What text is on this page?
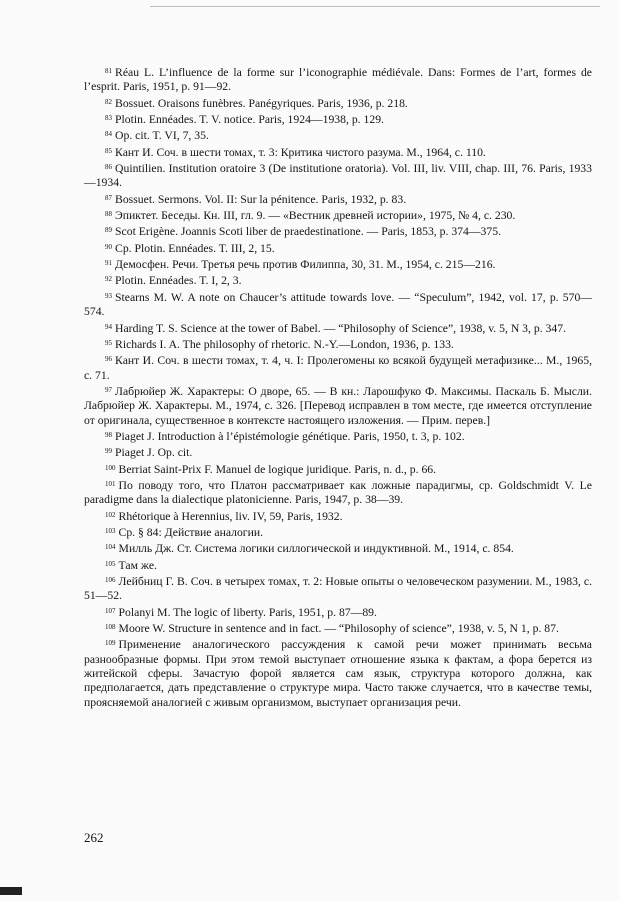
$^{81}$ Réau L. L’influence de la forme sur l’iconographie médiévale. Dans: Formes de l’art, formes de l’esprit. Paris, 1951, p. 91—92.

$^{82}$ Bossuet. Oraisons funèbres. Panégyriques. Paris, 1936, p. 218.

$^{83}$ Plotin. Ennéades. T. V. notice. Paris, 1924—1938, p. 129.

$^{84}$ Op. cit. T. VI, 7, 35.

$^{85}$ Кант И. Соч. в шести томах, т. 3: Критика чистого разума. М., 1964, с. 110.

$^{86}$ Quintilien. Institution oratoire 3 (De institutione oratoria). Vol. III, liv. VIII, chap. III, 76. Paris, 1933—1934.

$^{87}$ Bossuet. Sermons. Vol. II: Sur la pénitence. Paris, 1932, p. 83.

$^{88}$ Эпиктет. Беседы. Кн. III, гл. 9. — «Вестник древней истории», 1975, № 4, с. 230.

$^{89}$ Scot Erigène. Joannis Scoti liber de praedestinatione. — Paris, 1853, p. 374—375.

$^{90}$ Cp. Plotin. Ennéades. T. III, 2, 15.

$^{91}$ Демосфен. Речи. Третья речь против Филиппа, 30, 31. М., 1954, с. 215—216.

$^{92}$ Plotin. Ennéades. T. I, 2, 3.

$^{93}$ Stearns M. W. A note on Chaucer’s attitude towards love. — “Speculum”, 1942, vol. 17, p. 570—574.

$^{94}$ Harding T. S. Science at the tower of Babel. — “Philosophy of Science”, 1938, v. 5, N 3, p. 347.

$^{95}$ Richards I. A. The philosophy of rhetoric. N.-Y.—London, 1936, p. 133.

$^{96}$ Кант И. Соч. в шести томах, т. 4, ч. I: Пролегомены ко всякой будущей метафизике... М., 1965, с. 71.

$^{97}$ Лабрюйер Ж. Характеры: О дворе, 65. — В кн.: Ларошфуко Ф. Максимы. Паскаль Б. Мысли. Лабрюйер Ж. Характеры. М., 1974, с. 326. [Перевод исправлен в том месте, где имеется отступление от оригинала, существенное в контексте настоящего изложения. — Прим. перев.]

$^{98}$ Piaget J. Introduction à l’épistémologie génétique. Paris, 1950, t. 3, p. 102.

$^{99}$ Piaget J. Op. cit.

$^{100}$ Berriat Saint-Prix F. Manuel de logique juridique. Paris, n. d., p. 66.

$^{101}$ По поводу того, что Платон рассматривает как ложные парадигмы, ср. Goldschmidt V. Le paradigme dans la dialectique platonicienne. Paris, 1947, p. 38—39.

$^{102}$ Rhétorique à Herennius, liv. IV, 59, Paris, 1932.

$^{103}$ Ср. § 84: Действие аналогии.

$^{104}$ Милль Дж. Ст. Система логики силлогической и индуктивной. М., 1914, с. 854.

$^{105}$ Там же.

$^{106}$ Лейбниц Г. В. Соч. в четырех томах, т. 2: Новые опыты о человеческом разумении. М., 1983, с. 51—52.

$^{107}$ Polanyi M. The logic of liberty. Paris, 1951, p. 87—89.

$^{108}$ Moore W. Structure in sentence and in fact. — “Philosophy of science”, 1938, v. 5, N 1, p. 87.

$^{109}$ Применение аналогического рассуждения к самой речи может принимать весьма разнообразные формы. При этом темой выступает отношение языка к фактам, а фора берется из житейской сферы. Зачастую форой является сам язык, структура которого должна, как предполагается, дать представление о структуре мира. Часто также случается, что в качестве темы, проясняемой аналогией с живым организмом, выступает организация речи.

262
